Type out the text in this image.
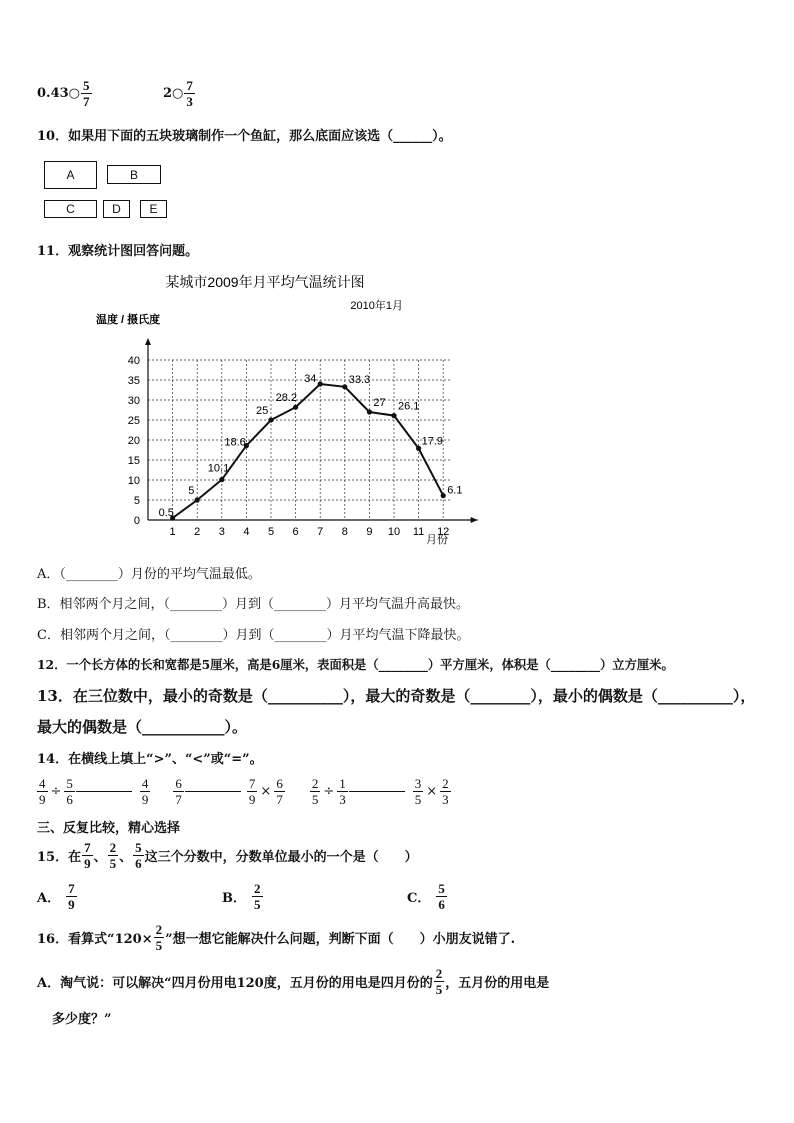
0.43○ $\frac{5}{7}$	2○ $\frac{7}{3}$
10．如果用下面的五块玻璃制作一个鱼缸，那么底面应该选（______）。
A	B
C	D	E
11．观察统计图回答问题。
某城市2009年月平均气温统计图
2010年1月
温度 / 摄氏度
月份
0
5
10
15
20
25
30
35
40
1 2 3 4 5 6 7 8 9 10 11 12
0.5
5
10.1
18.6
25
28.2
34	33.3
27 26.1
17.9
6.1
A．（________）月份的平均气温最低。
B．相邻两个月之间，（________）月到（________）月平均气温升高最快。
C．相邻两个月之间，（________）月到（________）月平均气温下降最快。
12．一个长方体的长和宽都是5厘米，高是6厘米，表面积是（________）平方厘米，体积是（________）立方厘米。
13．在三位数中，最小的奇数是（__________），最大的奇数是（________），最小的偶数是（__________），
最大的偶数是（___________）。
14．在横线上填上“>”、“<”或“=”。
$\frac{4}{9} \div \frac{5}{6}$	$\frac{4}{9} \frac{6}{7}$	$\frac{7}{9} \times \frac{6}{7} \frac{2}{5} \div \frac{1}{3}$	$\frac{3}{5} \times \frac{2}{3}$
三、反复比较，精心选择
15．在 $\frac{7}{9}$ 、 $\frac{2}{5}$ 、 $\frac{5}{6}$ 这三个分数中，分数单位最小的一个是（　　）
A． $\frac{7}{9}$	B． $\frac{2}{5}$	C． $\frac{5}{6}$
16．看算式“$120\times \frac{2}{5}$ ”想一想它能解决什么问题，判断下面（　　）小朋友说错了.
A．淘气说：可以解决“四月份用电120度，五月份的用电是四月份的 $\frac{2}{5}$ ，五月份的用电是
多少度？”
